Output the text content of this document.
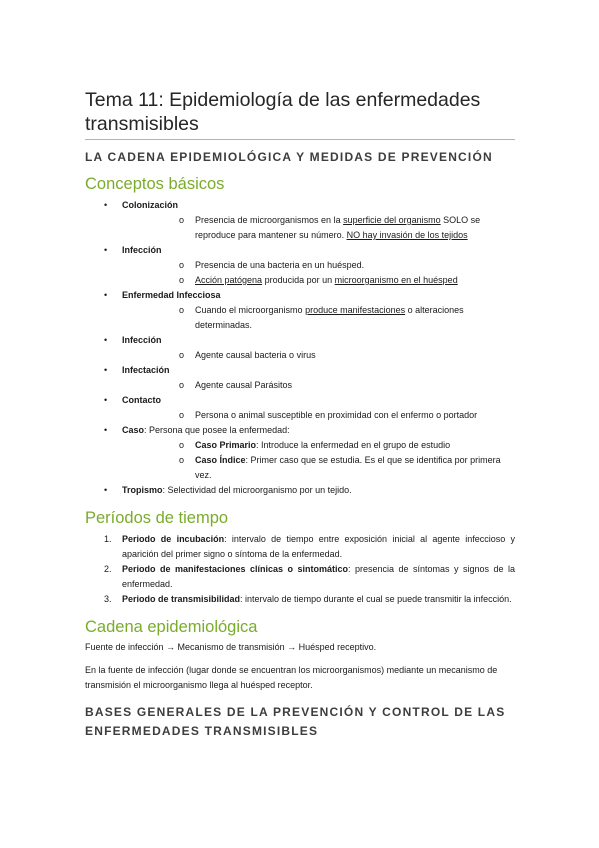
Tema 11: Epidemiología de las enfermedades transmisibles
LA CADENA EPIDEMIOLÓGICA Y MEDIDAS DE PREVENCIÓN
Conceptos básicos
• Colonización
o Presencia de microorganismos en la superficie del organismo SOLO se reproduce para mantener su número. NO hay invasión de los tejidos
• Infección
o Presencia de una bacteria en un huésped.
o Acción patógena producida por un microorganismo en el huésped
• Enfermedad Infecciosa
o Cuando el microorganismo produce manifestaciones o alteraciones determinadas.
• Infección
o Agente causal bacteria o virus
• Infectación
o Agente causal Parásitos
• Contacto
o Persona o animal susceptible en proximidad con el enfermo o portador
• Caso: Persona que posee la enfermedad:
o Caso Primario: Introduce la enfermedad en el grupo de estudio
o Caso Índice: Primer caso que se estudia. Es el que se identifica por primera vez.
• Tropismo: Selectividad del microorganismo por un tejido.
Períodos de tiempo
1. Periodo de incubación: intervalo de tiempo entre exposición inicial al agente infeccioso y aparición del primer signo o síntoma de la enfermedad.
2. Periodo de manifestaciones clínicas o sintomático: presencia de síntomas y signos de la enfermedad.
3. Periodo de transmisibilidad: intervalo de tiempo durante el cual se puede transmitir la infección.
Cadena epidemiológica
Fuente de infección → Mecanismo de transmisión → Huésped receptivo.
En la fuente de infección (lugar donde se encuentran los microorganismos) mediante un mecanismo de transmisión el microorganismo llega al huésped receptor.
BASES GENERALES DE LA PREVENCIÓN Y CONTROL DE LAS ENFERMEDADES TRANSMISIBLES
